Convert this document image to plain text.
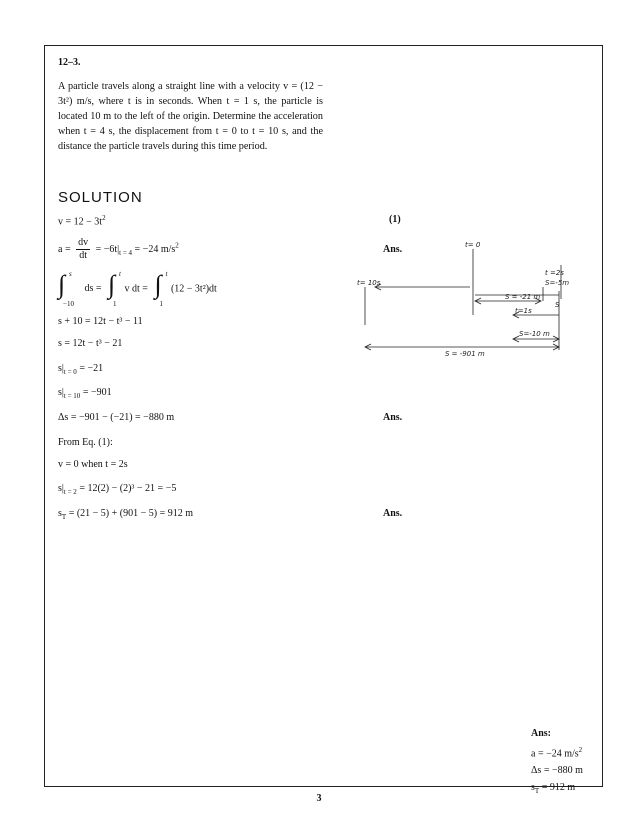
12–3.
A particle travels along a straight line with a velocity v = (12 − 3t²) m/s, where t is in seconds. When t = 1 s, the particle is located 10 m to the left of the origin. Determine the acceleration when t = 4 s, the displacement from t = 0 to t = 10 s, and the distance the particle travels during this time period.
SOLUTION
$v = 12 - 3t^2$	(1)
$a = \frac{dv}{dt} = -6t|_{t = 4} = -24$ $m/s^2$	Ans.
∫ s
−10
ds = ∫ t
1
v dt = ∫ t
1
(12 − 3t²)dt
s + 10 = 12t − t³ − 11
s = 12t − t³ − 21
$s|_{t = 0} = -21$
$s|_{t = 10} = -901$
Δs = −901 − (−21) = −880 m	Ans.
From Eq. (1):
v = 0 when t = 2s
$s|_{t = 2} = 12(2) - (2)^3 - 21 = -5$
$s_T = (21 - 5) + (901 - 5) = 912$ m	Ans.
Ans:
a = −24 $m/s^2$
Δs = −880 m
$s_T = 912$ m
t= 0
t= 10s
S = -21 m
t =2s
S=-5m
S
t=1s
S=-10 m
S = -901 m
3
